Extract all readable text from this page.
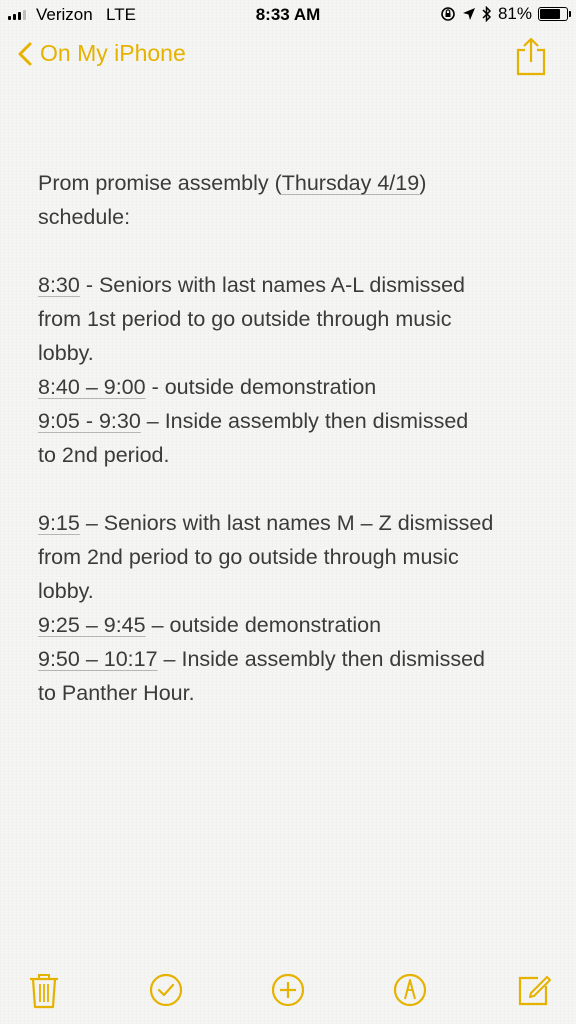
Verizon LTE	8:33 AM	81%
On My iPhone

Prom promise assembly (Thursday 4/19)

schedule:

8:30 - Seniors with last names A-L dismissed

from 1st period to go outside through music

lobby.

8:40 – 9:00 - outside demonstration

9:05 - 9:30 – Inside assembly then dismissed

to 2nd period.

9:15 – Seniors with last names M – Z dismissed

from 2nd period to go outside through music

lobby.

9:25 – 9:45 – outside demonstration

9:50 – 10:17 – Inside assembly then dismissed

to Panther Hour.
